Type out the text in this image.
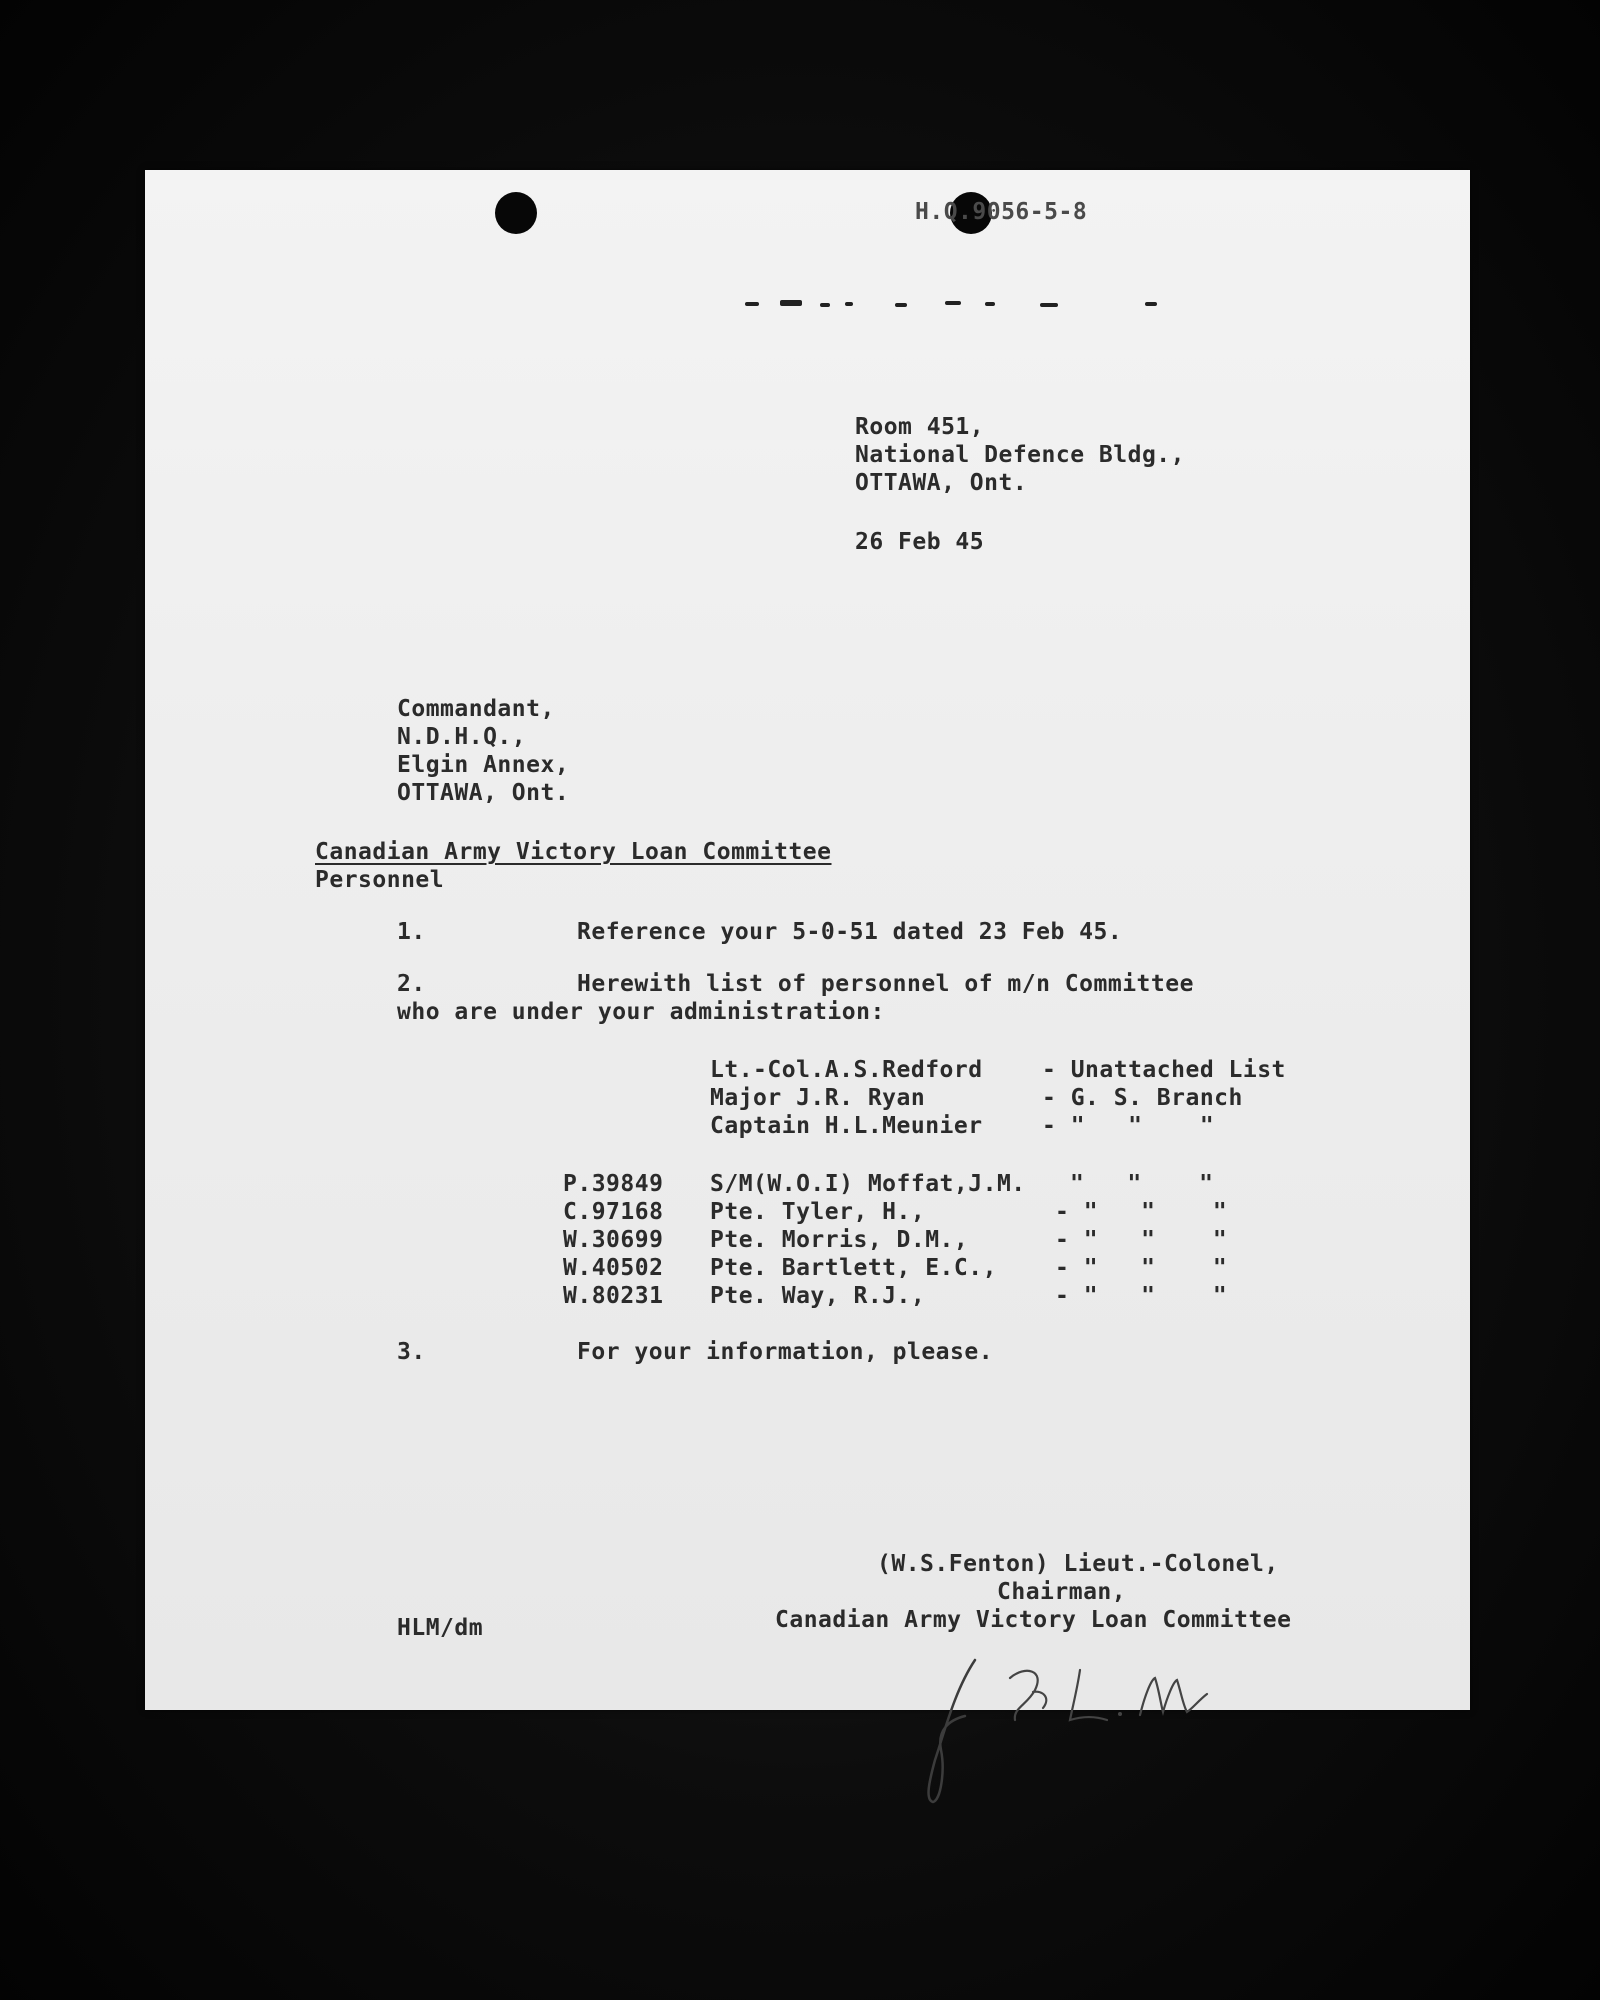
H.Q.9056-5-8

Room 451,

National Defence Bldg.,

OTTAWA, Ont.

26 Feb 45

Commandant,

N.D.H.Q.,

Elgin Annex,

OTTAWA, Ont.

Canadian Army Victory Loan Committee

Personnel

1.	Reference your 5-0-51 dated 23 Feb 45.

2.	Herewith list of personnel of m/n Committee

who are under your administration:

Lt.-Col.A.S.Redford	- Unattached List

Major J.R. Ryan	- G. S. Branch

Captain H.L.Meunier	- "   "    "

P.39849 S/M(W.O.I) Moffat,J.M. "   "    "

C.97168 Pte. Tyler, H.,	- "   "    "

W.30699 Pte. Morris, D.M.,	- "   "    "

W.40502 Pte. Bartlett, E.C.,	- "   "    "

W.80231 Pte. Way, R.J.,	- "   "    "

3.	For your information, please.

(W.S.Fenton) Lieut.-Colonel,

Chairman,

Canadian Army Victory Loan Committee

HLM/dm
